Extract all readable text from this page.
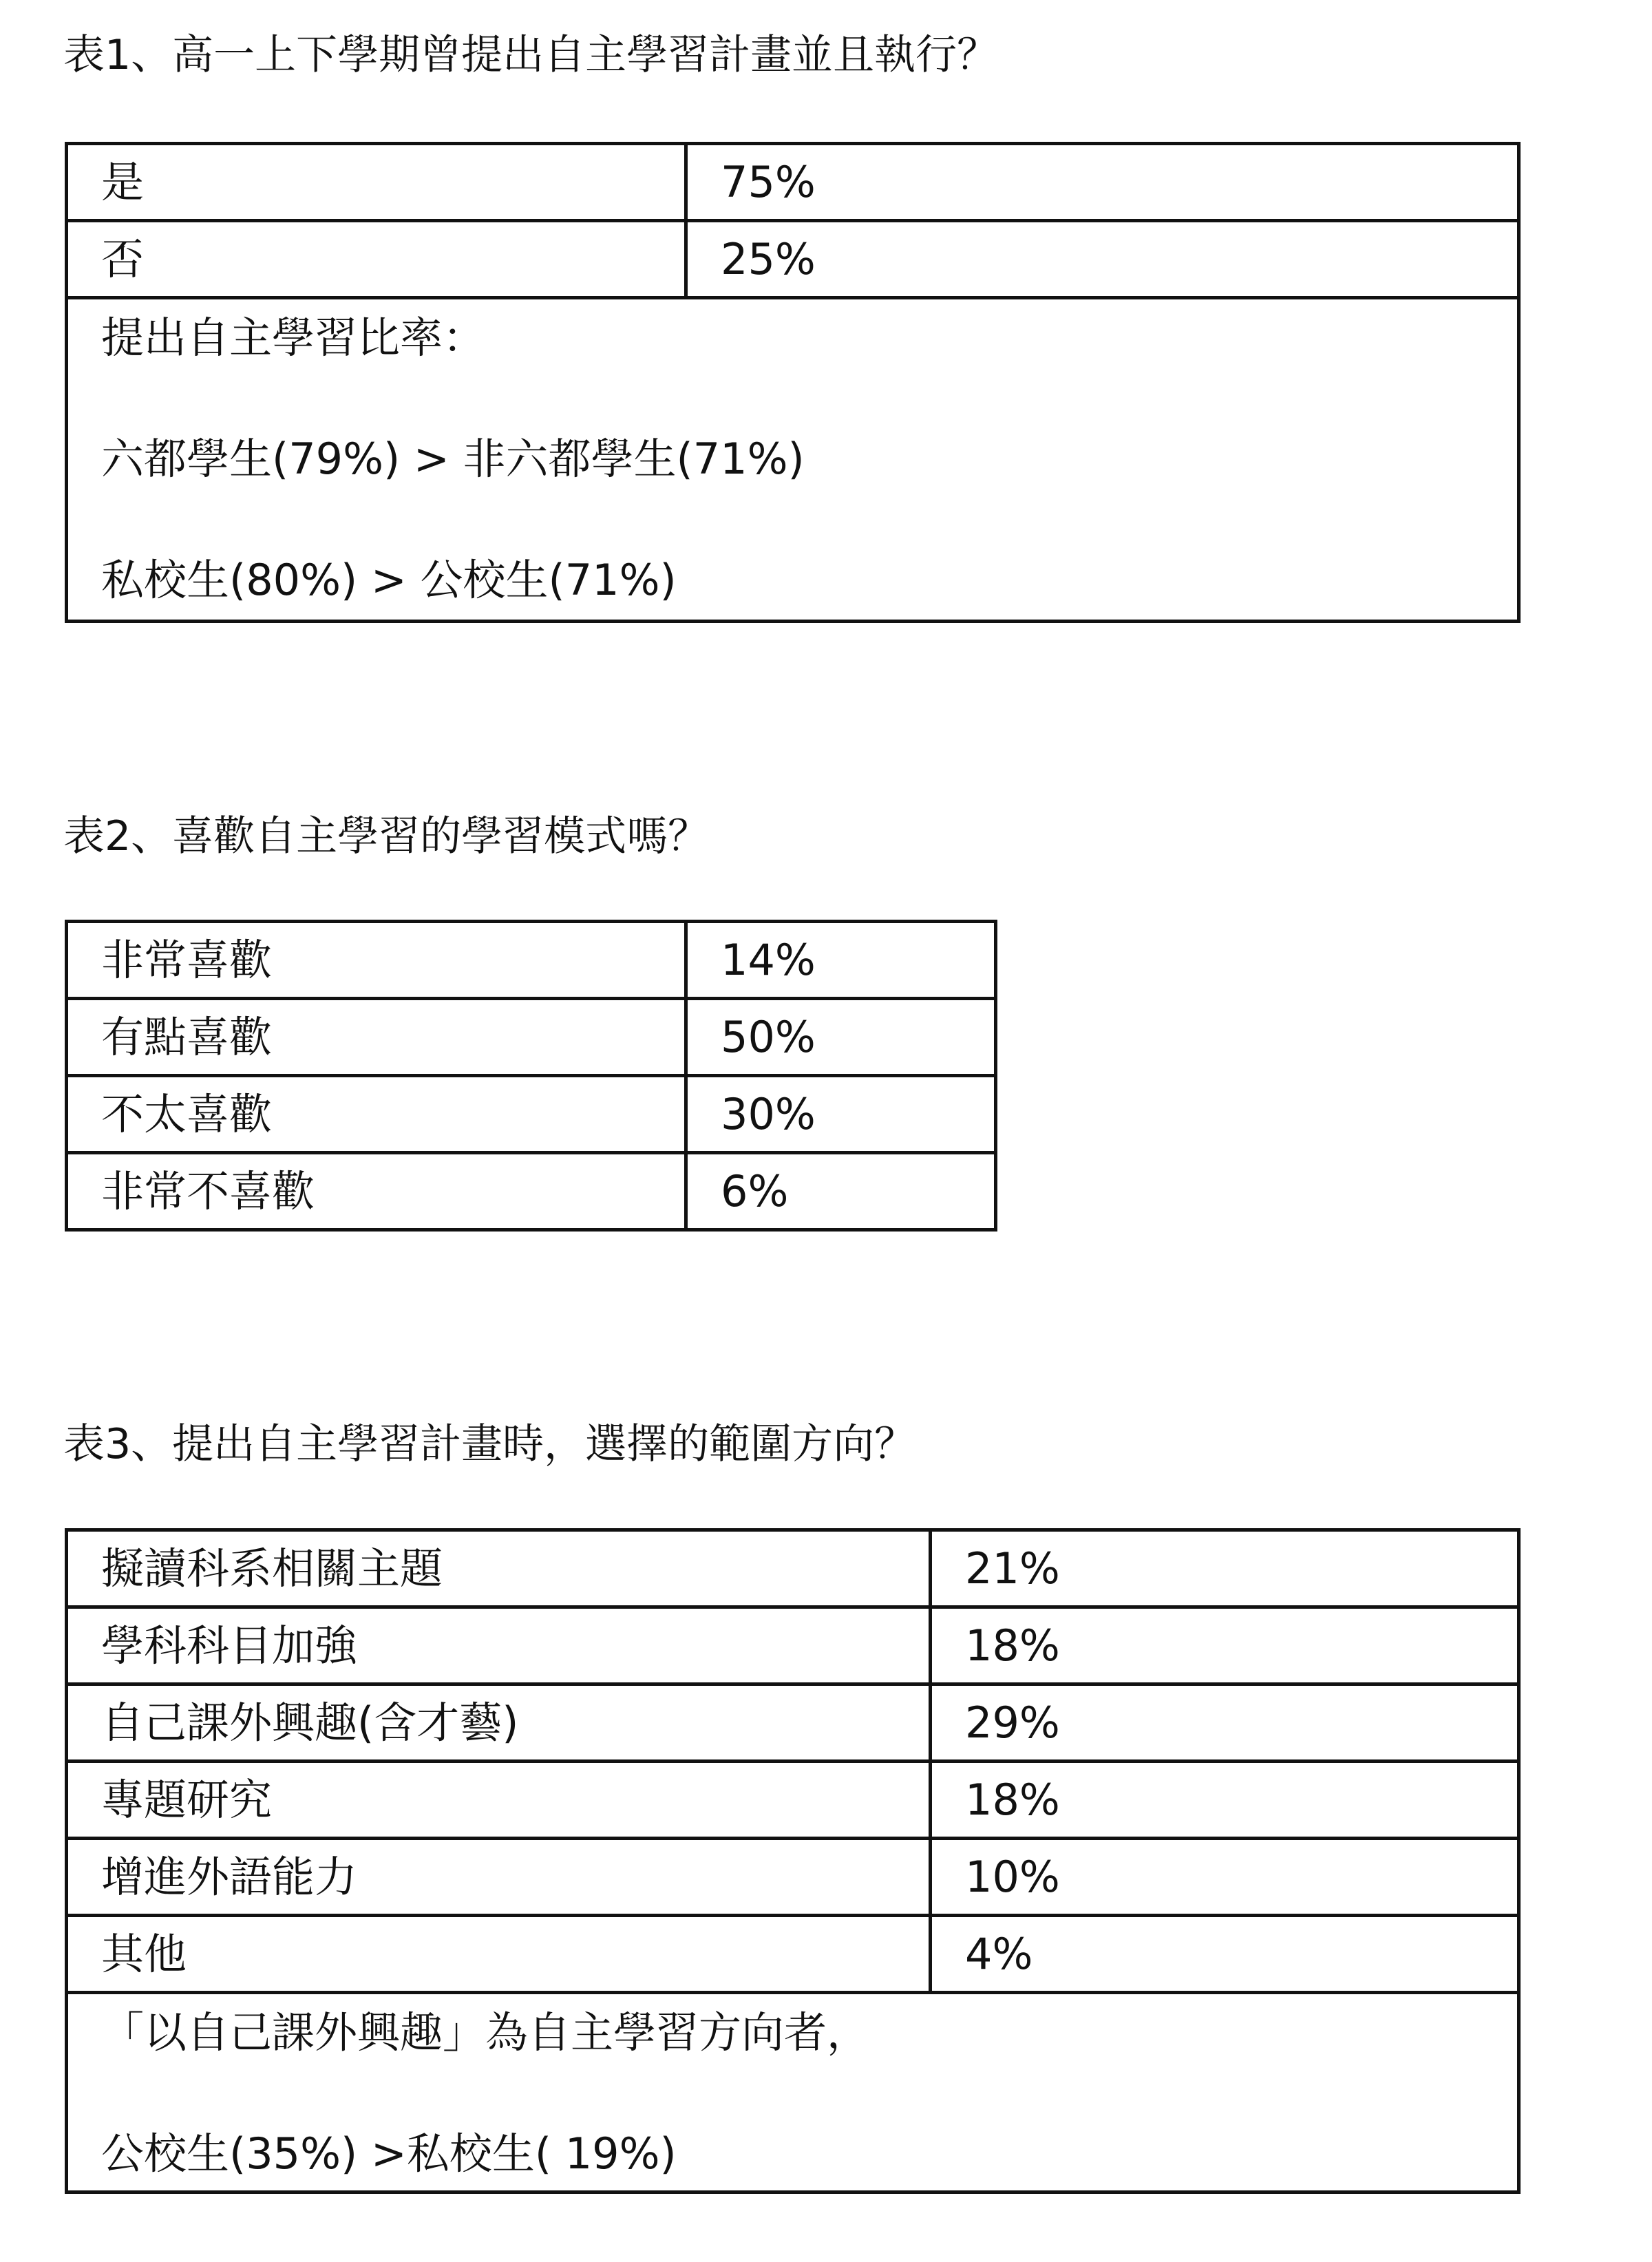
表1、高一上下學期曾提出自主學習計畫並且執行？
是	75%
否	25%

提出自主學習比率：
六都學生(79%) > 非六都學生(71%)
私校生(80%) > 公校生(71%)	
表2、喜歡自主學習的學習模式嗎？
非常喜歡	14%
有點喜歡	50%
不太喜歡	30%
非常不喜歡	6%
表3、提出自主學習計畫時，選擇的範圍方向？
擬讀科系相關主題	21%
學科科目加強	18%
自己課外興趣(含才藝)	29%
專題研究	18%
增進外語能力	10%
其他	4%

「以自己課外興趣」為自主學習方向者，
公校生(35%) >私校生( 19%)	
